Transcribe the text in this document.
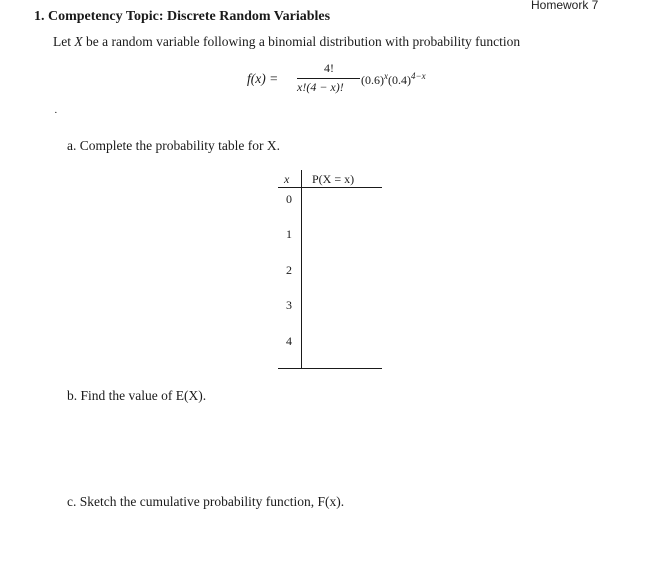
Homework 7
1. Competency Topic: Discrete Random Variables
Let X be a random variable following a binomial distribution with probability function
f(x) =
4!
x!(4 − x)! $(0.6)^x(0.4)^{4-x}$
·
a. Complete the probability table for X.
x P(X = x)
0
1
2
3
4
b. Find the value of E(X).
c. Sketch the cumulative probability function, F(x).
